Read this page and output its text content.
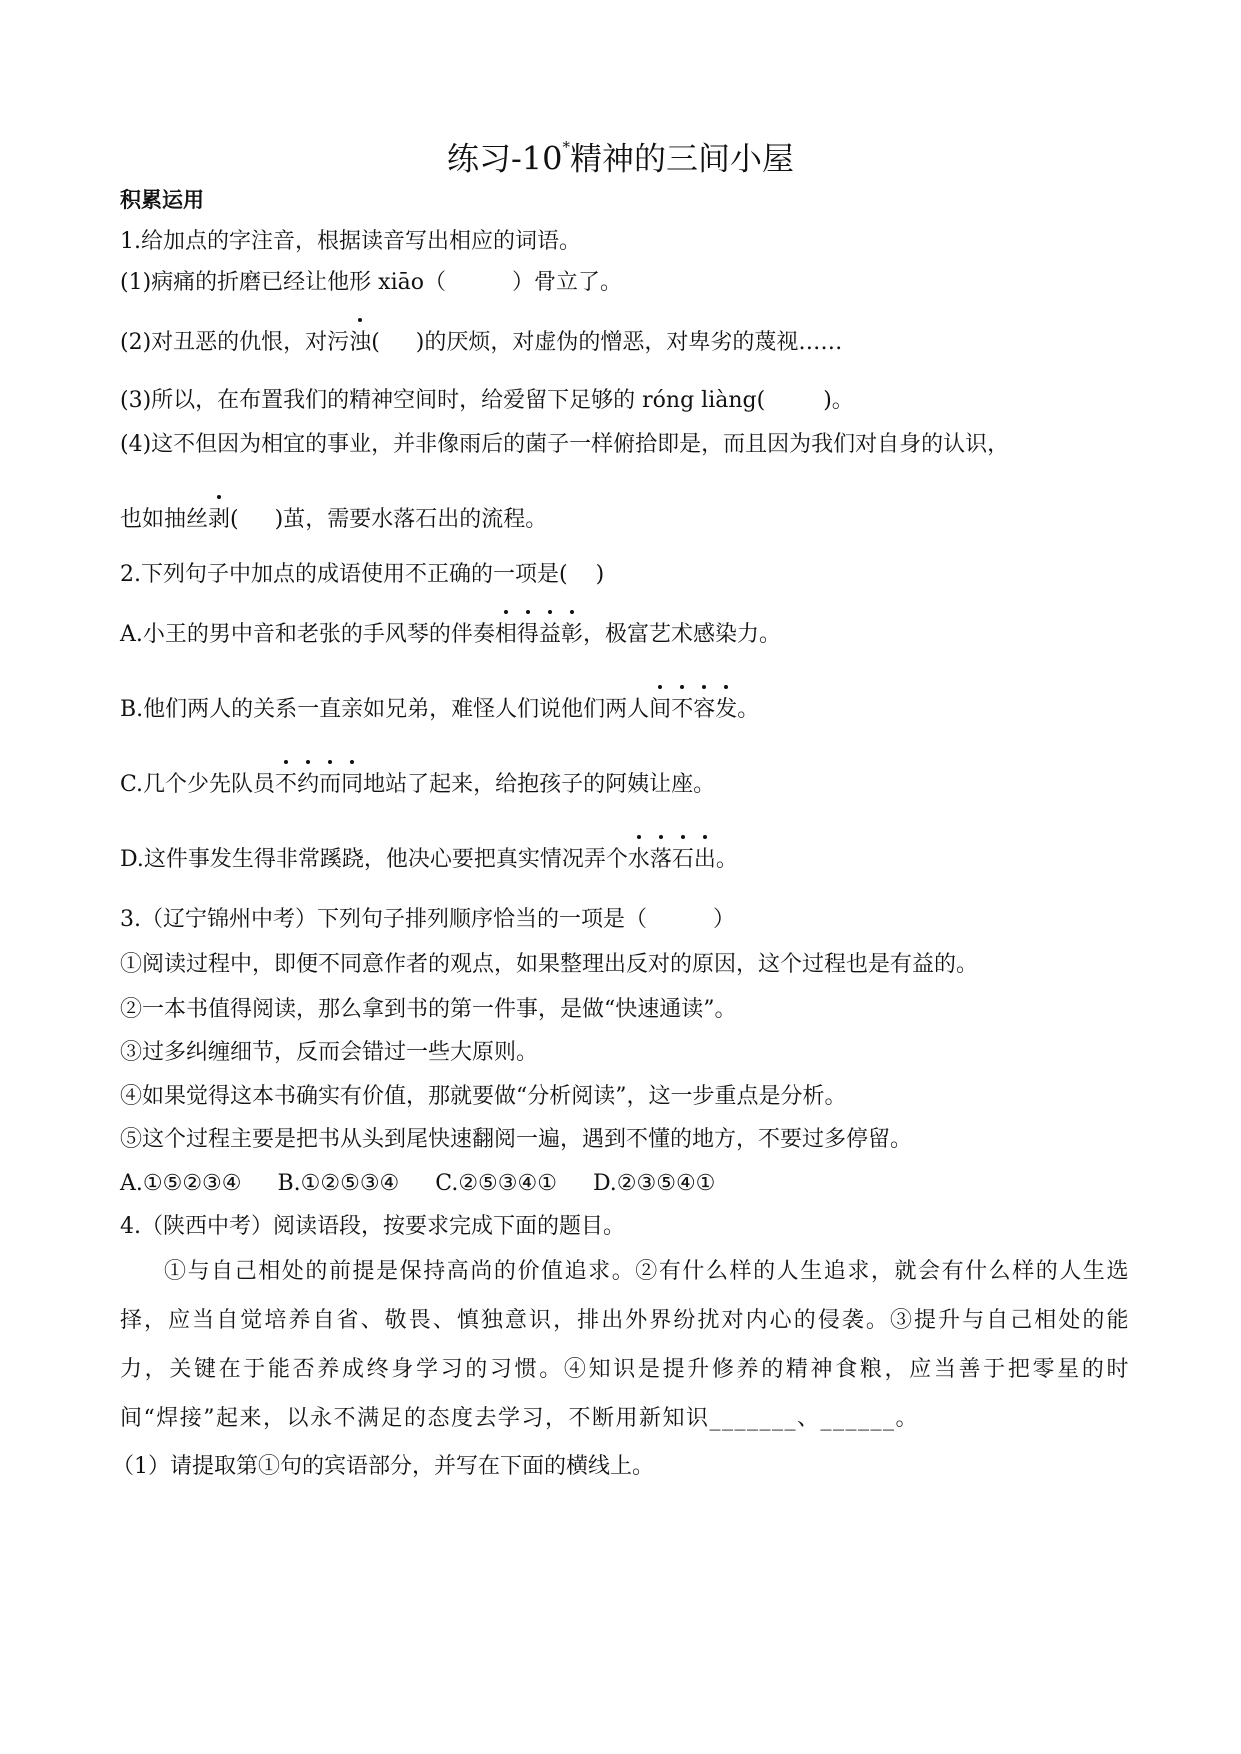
练习-10*精神的三间小屋
积累运用
1.给加点的字注音，根据读音写出相应的词语。
(1)病痛的折磨已经让他形 xiāo（	）骨立了。
(2)对丑恶的仇恨，对污浊( )的厌烦，对虚伪的憎恶，对卑劣的蔑视……
(3)所以，在布置我们的精神空间时，给爱留下足够的 róng liàng(	)。
(4)这不但因为相宜的事业，并非像雨后的菌子一样俯拾即是，而且因为我们对自身的认识，
也如抽丝剥( )茧，需要水落石出的流程。
2.下列句子中加点的成语使用不正确的一项是( )
A.小王的男中音和老张的手风琴的伴奏相得益彰，极富艺术感染力。
B.他们两人的关系一直亲如兄弟，难怪人们说他们两人间不容发。
C.几个少先队员不约而同地站了起来，给抱孩子的阿姨让座。
D.这件事发生得非常蹊跷，他决心要把真实情况弄个水落石出。
3.（辽宁锦州中考）下列句子排列顺序恰当的一项是（	）
①阅读过程中，即便不同意作者的观点，如果整理出反对的原因，这个过程也是有益的。
②一本书值得阅读，那么拿到书的第一件事，是做“快速通读”。
③过多纠缠细节，反而会错过一些大原则。
④如果觉得这本书确实有价值，那就要做“分析阅读”，这一步重点是分析。
⑤这个过程主要是把书从头到尾快速翻阅一遍，遇到不懂的地方，不要过多停留。
A.①⑤②③④ B.①②⑤③④ C.②⑤③④① D.②③⑤④①
4.（陕西中考）阅读语段，按要求完成下面的题目。
①与自己相处的前提是保持高尚的价值追求。②有什么样的人生追求，就会有什么样的人生选择，应当自觉培养自省、敬畏、慎独意识，排出外界纷扰对内心的侵袭。③提升与自己相处的能力，关键在于能否养成终身学习的习惯。④知识是提升修养的精神食粮，应当善于把零星的时间“焊接”起来，以永不满足的态度去学习，不断用新知识_______、______。
（1）请提取第①句的宾语部分，并写在下面的横线上。
